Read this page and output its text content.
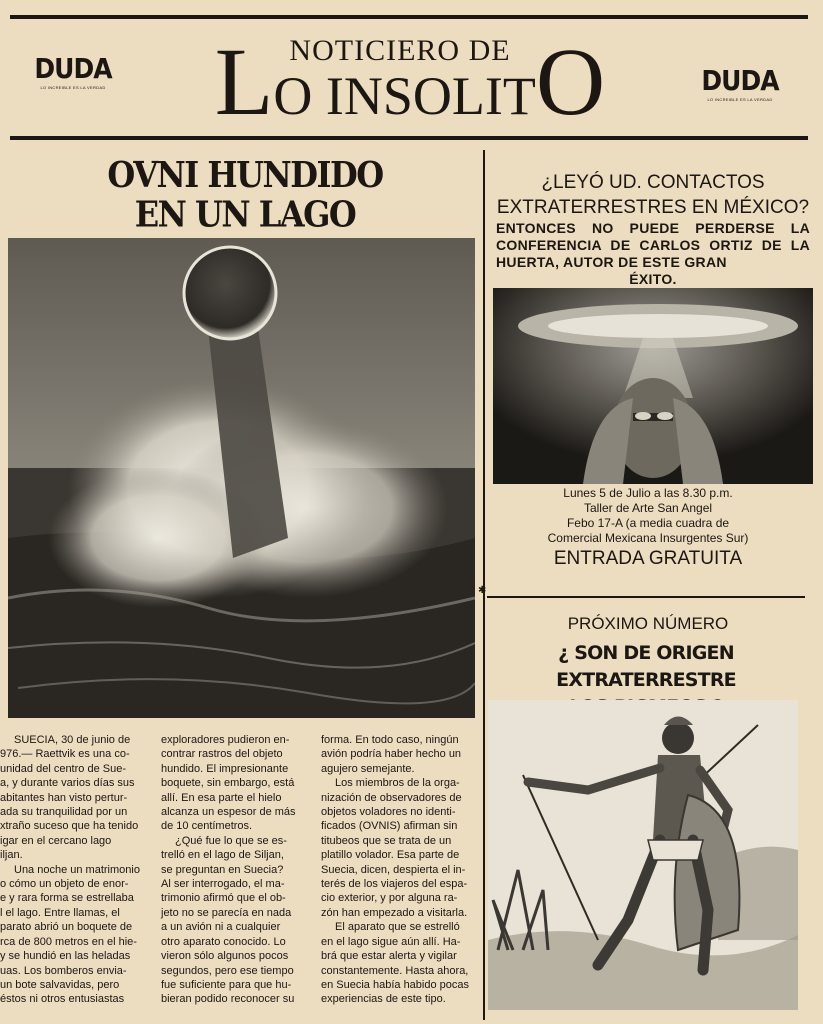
✱
DUDA
LO INCREIBLE ES LA VERDAD	DUDA
LO INCREIBLE ES LA VERDAD
NOTICIERO DE
LO INSOLITO
OVNI HUNDIDO
EN UN LAGO

SUECIA, 30 de junio de

976.— Raettvik es una co-

unidad del centro de Sue-

a, y durante varios días sus

abitantes han visto pertur-

ada su tranquilidad por un

xtraño suceso que ha tenido

igar en el cercano lago

iljan.

Una noche un matrimonio

o cómo un objeto de enor-

e y rara forma se estrellaba

l el lago. Entre llamas, el

parato abrió un boquete de

rca de 800 metros en el hie-

y se hundió en las heladas

uas. Los bomberos envia-

un bote salvavidas, pero

éstos ni otros entusiastas

exploradores pudieron en-

contrar rastros del objeto

hundido. El impresionante

boquete, sin embargo, está

allí. En esa parte el hielo

alcanza un espesor de más

de 10 centímetros.

¿Qué fue lo que se es-

trelló en el lago de Siljan,

se preguntan en Suecia?

Al ser interrogado, el ma-

trimonio afirmó que el ob-

jeto no se parecía en nada

a un avión ni a cualquier

otro aparato conocido. Lo

vieron sólo algunos pocos

segundos, pero ese tiempo

fue suficiente para que hu-

bieran podido reconocer su

forma. En todo caso, ningún

avión podría haber hecho un

agujero semejante.

Los miembros de la orga-

nización de observadores de

objetos voladores no identi-

ficados (OVNIS) afirman sin

titubeos que se trata de un

platillo volador. Esa parte de

Suecia, dicen, despierta el in-

terés de los viajeros del espa-

cio exterior, y por alguna ra-

zón han empezado a visitarla.

El aparato que se estrelló

en el lago sigue aún allí. Ha-

brá que estar alerta y vigilar

constantemente. Hasta ahora,

en Suecia había habido pocas

experiencias de este tipo.

¿LEYÓ UD. CONTACTOS
EXTRATERRESTRES EN MÉXICO?
ENTONCES NO PUEDE PERDERSE LA CONFERENCIA DE CARLOS ORTIZ DE LA HUERTA, AUTOR DE ESTE GRAN
ÉXITO.
Lunes 5 de Julio a las 8.30 p.m.
Taller de Arte San Angel
Febo 17-A (a media cuadra de
Comercial Mexicana Insurgentes Sur)
ENTRADA GRATUITA
PRÓXIMO NÚMERO
¿ SON DE ORIGEN EXTRATERRESTRE
